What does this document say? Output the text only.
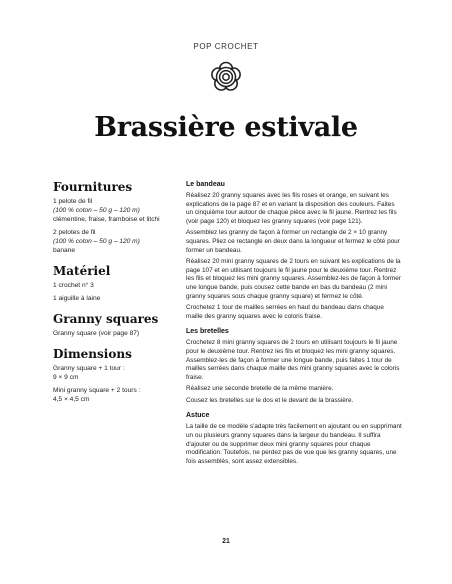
POP CROCHET
Brassière estivale
Fournitures

1 pelote de fil
(100 % coton – 50 g – 120 m)
clémentine, fraise, framboise et litchi

2 pelotes de fil
(100 % coton – 50 g – 120 m)
banane

Matériel

1 crochet n° 3

1 aiguille à laine

Granny squares

Granny square (voir page 87)

Dimensions

Granny square + 1 tour :
9 × 9 cm

Mini granny square + 2 tours :
4,5 × 4,5 cm

Le bandeau

Réalisez 20 granny squares avec les fils roses et orange, en suivant les explications de la page 87 et en variant la disposition des couleurs. Faites un cinquième tour autour de chaque pièce avec le fil jaune. Rentrez les fils (voir page 120) et bloquez les granny squares (voir page 121).

Assemblez les granny de façon à former un rectangle de 2 × 10 granny squares. Pliez ce rectangle en deux dans la longueur et fermez le côté pour former un bandeau.

Réalisez 20 mini granny squares de 2 tours en suivant les explications de la page 107 et en utilisant toujours le fil jaune pour le deuxième tour. Rentrez les fils et bloquez les mini granny squares. Assemblez-les de façon à former une longue bande, puis cousez cette bande en bas du bandeau (2 mini granny squares sous chaque granny square) et fermez le côté.

Crochetez 1 tour de mailles serrées en haut du bandeau dans chaque maille des granny squares avec le coloris fraise.

Les bretelles

Crochetez 8 mini granny squares de 2 tours en utilisant toujours le fil jaune pour le deuxième tour. Rentrez les fils et bloquez les mini granny squares. Assemblez-les de façon à former une longue bande, puis faites 1 tour de mailles serrées dans chaque maille des mini granny squares avec le coloris fraise.

Réalisez une seconde bretelle de la même manière.

Cousez les bretelles sur le dos et le devant de la brassière.

Astuce

La taille de ce modèle s'adapte très facilement en ajoutant ou en supprimant un ou plusieurs granny squares dans la largeur du bandeau. Il suffira d'ajouter ou de supprimer deux mini granny squares pour chaque modification. Toutefois, ne perdez pas de vue que les granny squares, une fois assemblés, sont assez extensibles.

21
